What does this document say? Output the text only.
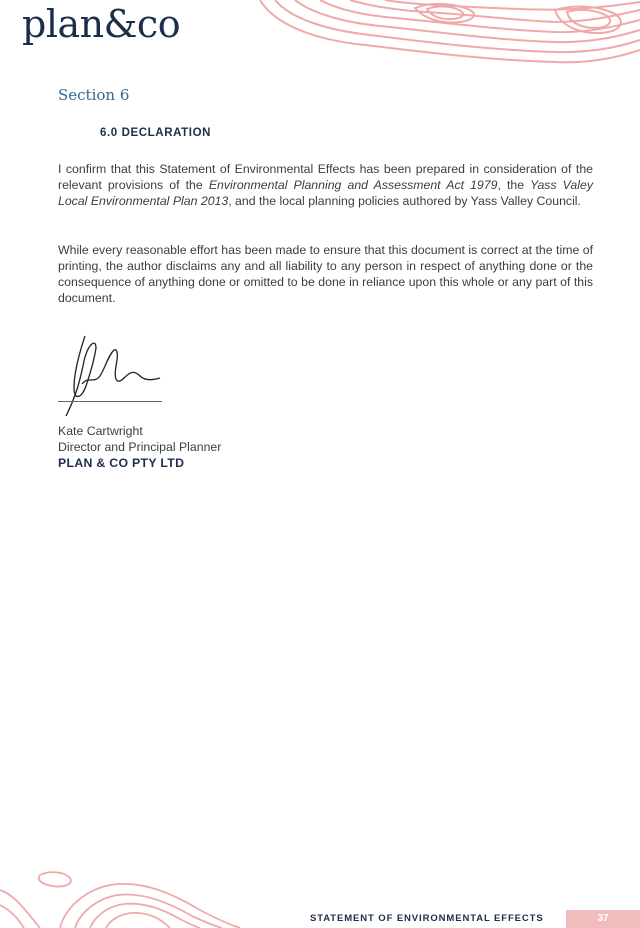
plan&co
Section 6
6.0 DECLARATION

I confirm that this Statement of Environmental Effects has been prepared in consideration of the relevant provisions of the Environmental Planning and Assessment Act 1979, the Yass Valey Local Environmental Plan 2013, and the local planning policies authored by Yass Valley Council.

While every reasonable effort has been made to ensure that this document is correct at the time of printing, the author disclaims any and all liability to any person in respect of anything done or the consequence of anything done or omitted to be done in reliance upon this whole or any part of this document.

Kate Cartwright
Director and Principal Planner
PLAN & CO PTY LTD
STATEMENT OF ENVIRONMENTAL EFFECTS	37
